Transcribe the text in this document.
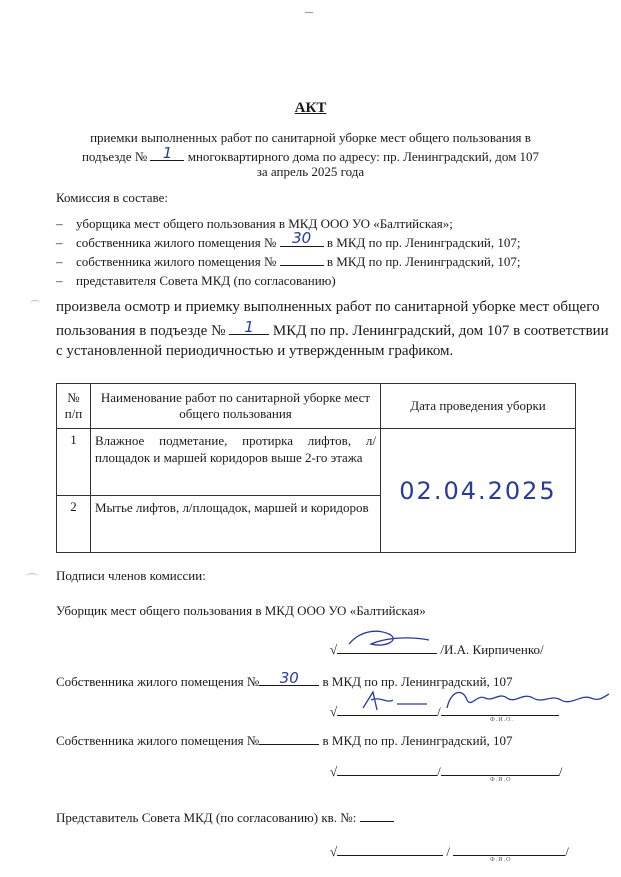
АКТ
приемки выполненных работ по санитарной уборке мест общего пользования в
подъезде №	1	многоквартирного дома по адресу: пр. Ленинградский, дом 107
за апрель 2025 года
Комиссия в составе:
– уборщика мест общего пользования в МКД ООО УО «Балтийская»;
– собственника жилого помещения №	30	в МКД по пр. Ленинградский, 107;
– собственника жилого помещения №	в МКД по пр. Ленинградский, 107;
– представителя Совета МКД (по согласованию)
произвела осмотр и приемку выполненных работ по санитарной уборке мест общего
пользования в подъезде №	1	МКД по пр. Ленинградский, дом 107 в соответствии
с установленной периодичностью и утвержденным графиком.
№ п/п	Наименование работ по санитарной уборке мест общего пользования	Дата проведения уборки
1	Влажное подметание, протирка лифтов, л/площадок и маршей коридоров выше 2-го этажа	02.04.2025
2	Мытье лифтов, л/площадок, маршей и коридоров	
Подписи членов комиссии:
Уборщик мест общего пользования в МКД ООО УО «Балтийская»
√	/И.А. Кирпиченко/
Собственника жилого помещения №	30	в МКД по пр. Ленинградский, 107
√	/
Ф.И.О.
Собственника жилого помещения №	в МКД по пр. Ленинградский, 107
√	/	/
Ф.И.О
Представитель Совета МКД (по согласованию) кв. №:
√	/	/
Ф.И.О
